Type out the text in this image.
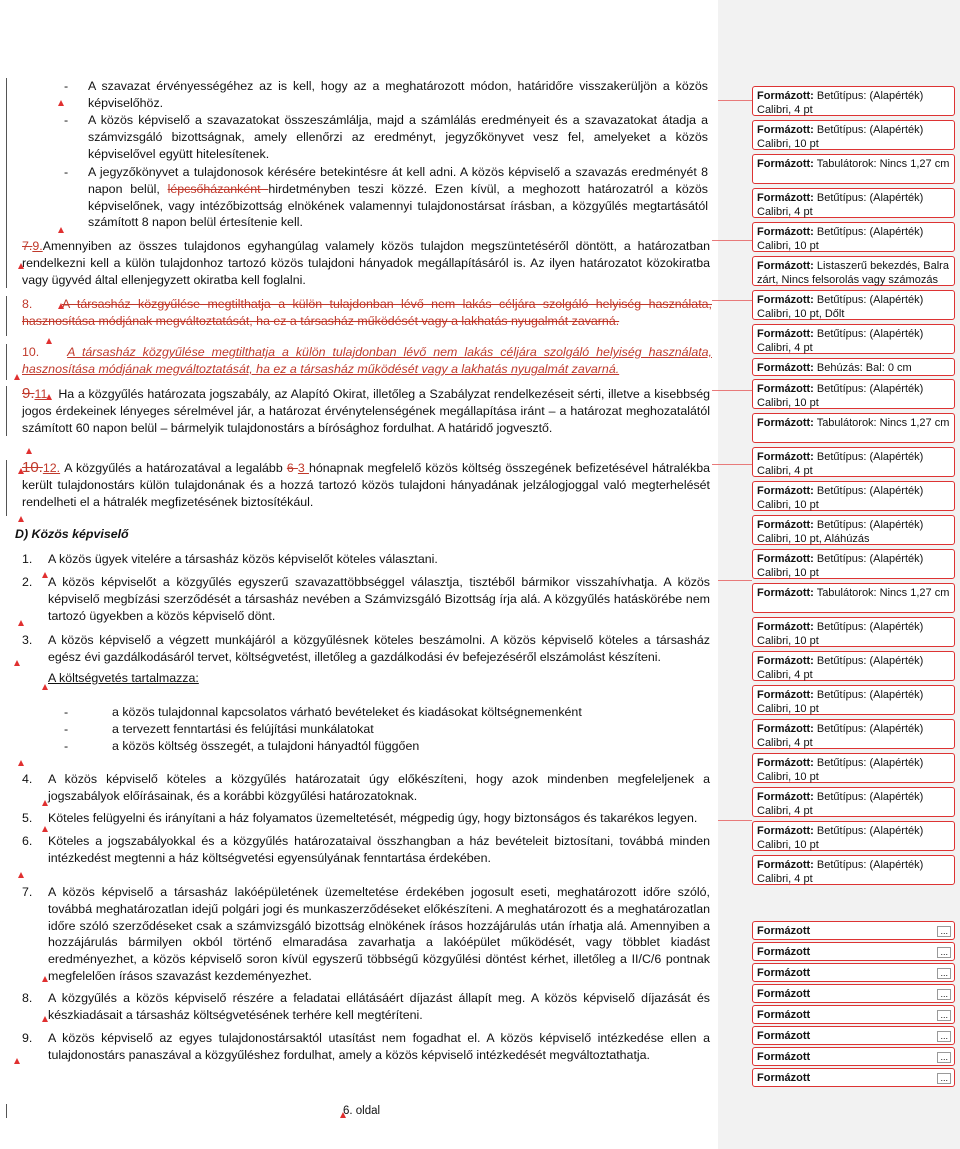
- A szavazat érvényességéhez az is kell, hogy az a meghatározott módon, határidőre visszakerüljön a közös képviselőhöz.
- A közös képviselő a szavazatokat összeszámlálja, majd a számlálás eredményeit és a szavazatokat átadja a számvizsgáló bizottságnak, amely ellenőrzi az eredményt, jegyzőkönyvet vesz fel, amelyeket a közös képviselővel együtt hitelesítenek.
- A jegyzőkönyvet a tulajdonosok kérésére betekintésre át kell adni. A közös képviselő a szavazás eredményét 8 napon belül, lépcsőházanként hirdetményben teszi közzé. Ezen kívül, a meghozott határozatról a közös képviselőnek, vagy intézőbizottság elnökének valamennyi tulajdonostársat írásban, a közgyűlés megtartásától számított 8 napon belül értesítenie kell.
7.9.Amennyiben az összes tulajdonos egyhangúlag valamely közös tulajdon megszüntetéséről döntött, a határozatban rendelkezni kell a külön tulajdonhoz tartozó közös tulajdoni hányadok megállapításáról is. Az ilyen határozatot közokiratba vagy ügyvéd által ellenjegyzett okiratba kell foglalni.
8. A társasház közgyűlése megtilthatja a külön tulajdonban lévő nem lakás céljára szolgáló helyiség használata, hasznosítása módjának megváltoztatását, ha ez a társasház működését vagy a lakhatás nyugalmát zavarná.
10. A társasház közgyűlése megtilthatja a külön tulajdonban lévő nem lakás céljára szolgáló helyiség használata, hasznosítása módjának megváltoztatását, ha ez a társasház működését vagy a lakhatás nyugalmát zavarná.
9.11. Ha a közgyűlés határozata jogszabály, az Alapító Okirat, illetőleg a Szabályzat rendelkezéseit sérti, illetve a kisebbség jogos érdekeinek lényeges sérelmével jár, a határozat érvénytelenségének megállapítása iránt – a határozat meghozatalától számított 60 napon belül – bármelyik tulajdonostárs a bírósághoz fordulhat. A határidő jogvesztő.
10.12. A közgyűlés a határozatával a legalább 6 3 hónapnak megfelelő közös költség összegének befizetésével hátralékba került tulajdonostárs külön tulajdonának és a hozzá tartozó közös tulajdoni hányadának jelzálogjoggal való megterhelését rendelheti el a hátralék megfizetésének biztosítékául.
D) Közös képviselő
1. A közös ügyek vitelére a társasház közös képviselőt köteles választani.
2. A közös képviselőt a közgyűlés egyszerű szavazattöbbséggel választja, tisztéből bármikor visszahívhatja. A közös képviselő megbízási szerződését a társasház nevében a Számvizsgáló Bizottság írja alá. A közgyűlés hatáskörébe nem tartozó ügyekben a közös képviselő dönt.
3. A közös képviselő a végzett munkájáról a közgyűlésnek köteles beszámolni. A közös képviselő köteles a társasház egész évi gazdálkodásáról tervet, költségvetést, illetőleg a gazdálkodási év befejezéséről elszámolást készíteni.
A költségvetés tartalmazza:
-	a közös tulajdonnal kapcsolatos várható bevételeket és kiadásokat költségnemenként
-	a tervezett fenntartási és felújítási munkálatokat
-	a közös költség összegét, a tulajdoni hányadtól függően
4. A közös képviselő köteles a közgyűlés határozatait úgy előkészíteni, hogy azok mindenben megfeleljenek a jogszabályok előírásainak, és a korábbi közgyűlési határozatoknak.
5. Köteles felügyelni és irányítani a ház folyamatos üzemeltetését, mégpedig úgy, hogy biztonságos és takarékos legyen.
6. Köteles a jogszabályokkal és a közgyűlés határozataival összhangban a ház bevételeit biztosítani, továbbá minden intézkedést megtenni a ház költségvetési egyensúlyának fenntartása érdekében.
7. A közös képviselő a társasház lakóépületének üzemeltetése érdekében jogosult eseti, meghatározott időre szóló, továbbá meghatározatlan idejű polgári jogi és munkaszerződéseket előkészíteni. A meghatározott és a meghatározatlan időre szóló szerződéseket csak a számvizsgáló bizottság elnökének írásos hozzájárulás után írhatja alá. Amennyiben a hozzájárulás bármilyen okból történő elmaradása zavarhatja a lakóépület működését, vagy többlet kiadást eredményezhet, a közös képviselő soron kívül egyszerű többségű közgyűlési döntést kérhet, illetőleg a II/C/6 pontnak megfelelően írásos szavazást kezdeményezhet.
8. A közgyűlés a közös képviselő részére a feladatai ellátásáért díjazást állapít meg. A közös képviselő díjazását és készkiadásait a társasház költségvetésének terhére kell megtéríteni.
9. A közös képviselő az egyes tulajdonostársaktól utasítást nem fogadhat el. A közös képviselő intézkedése ellen a tulajdonostárs panaszával a közgyűléshez fordulhat, amely a közös képviselő intézkedését megváltoztathatja.
6. oldal
Formázott: Betűtípus: (Alapérték) Calibri, 4 pt
Formázott: Betűtípus: (Alapérték) Calibri, 10 pt
Formázott: Tabulátorok: Nincs 1,27 cm
Formázott: Betűtípus: (Alapérték) Calibri, 4 pt
Formázott: Betűtípus: (Alapérték) Calibri, 10 pt
Formázott: Listaszerű bekezdés, Balra zárt, Nincs felsorolás vagy számozás
Formázott: Betűtípus: (Alapérték) Calibri, 10 pt, Dőlt
Formázott: Betűtípus: (Alapérték) Calibri, 4 pt
Formázott: Behúzás: Bal: 0 cm
Formázott: Betűtípus: (Alapérték) Calibri, 10 pt
Formázott: Tabulátorok: Nincs 1,27 cm
Formázott: Betűtípus: (Alapérték) Calibri, 4 pt
Formázott: Betűtípus: (Alapérték) Calibri, 10 pt
Formázott: Betűtípus: (Alapérték) Calibri, 10 pt, Aláhúzás
Formázott: Betűtípus: (Alapérték) Calibri, 10 pt
Formázott: Tabulátorok: Nincs 1,27 cm
Formázott: Betűtípus: (Alapérték) Calibri, 10 pt
Formázott: Betűtípus: (Alapérték) Calibri, 4 pt
Formázott: Betűtípus: (Alapérték) Calibri, 10 pt
Formázott: Betűtípus: (Alapérték) Calibri, 4 pt
Formázott: Betűtípus: (Alapérték) Calibri, 10 pt
Formázott: Betűtípus: (Alapérték) Calibri, 4 pt
Formázott: Betűtípus: (Alapérték) Calibri, 10 pt
Formázott: Betűtípus: (Alapérték) Calibri, 4 pt
Formázott	...
Formázott	...
Formázott	...
Formázott	...
Formázott	...
Formázott	...
Formázott	...
Formázott	...
